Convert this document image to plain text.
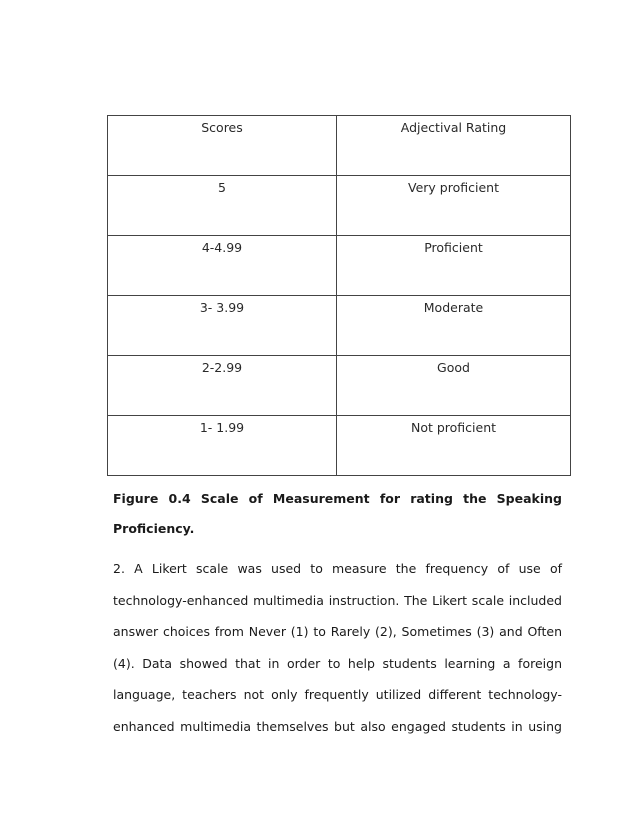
Scores	Adjectival Rating
5	Very proficient
4-4.99	Proficient
3- 3.99	Moderate
2-2.99	Good
1- 1.99	Not proficient
Figure 0.4 Scale of Measurement for rating the Speaking
Proficiency.

2. A Likert scale was used to measure the frequency of use of
technology-enhanced multimedia instruction. The Likert scale included
answer choices from Never (1) to Rarely (2), Sometimes (3) and Often
(4). Data showed that in order to help students learning a foreign
language, teachers not only frequently utilized different technology-
enhanced multimedia themselves but also engaged students in using
